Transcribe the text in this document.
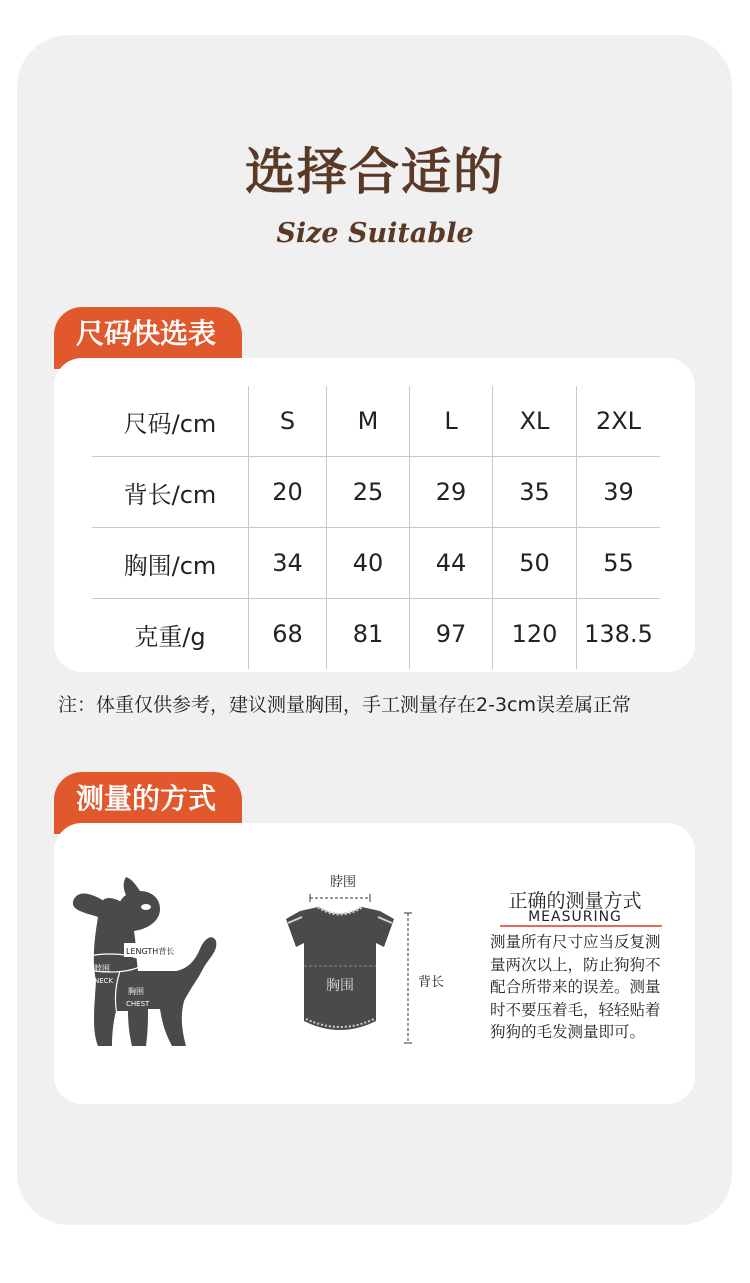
选择合适的
Size Suitable
尺码快选表
尺码/cm	S	M	L	XL	2XL
背长/cm	20	25	29	35	39
胸围/cm	34	40	44	50	55
克重/g	68	81	97	120	138.5
注：体重仅供参考，建议测量胸围，手工测量存在2-3cm误差属正常
测量的方式
LENGTH背长
脖围
NECK
胸围
CHEST
脖围
胸围	背长
正确的测量方式
MEASURING
测量所有尺寸应当反复测量两次以上，防止狗狗不配合所带来的误差。测量时不要压着毛，轻轻贴着狗狗的毛发测量即可。
